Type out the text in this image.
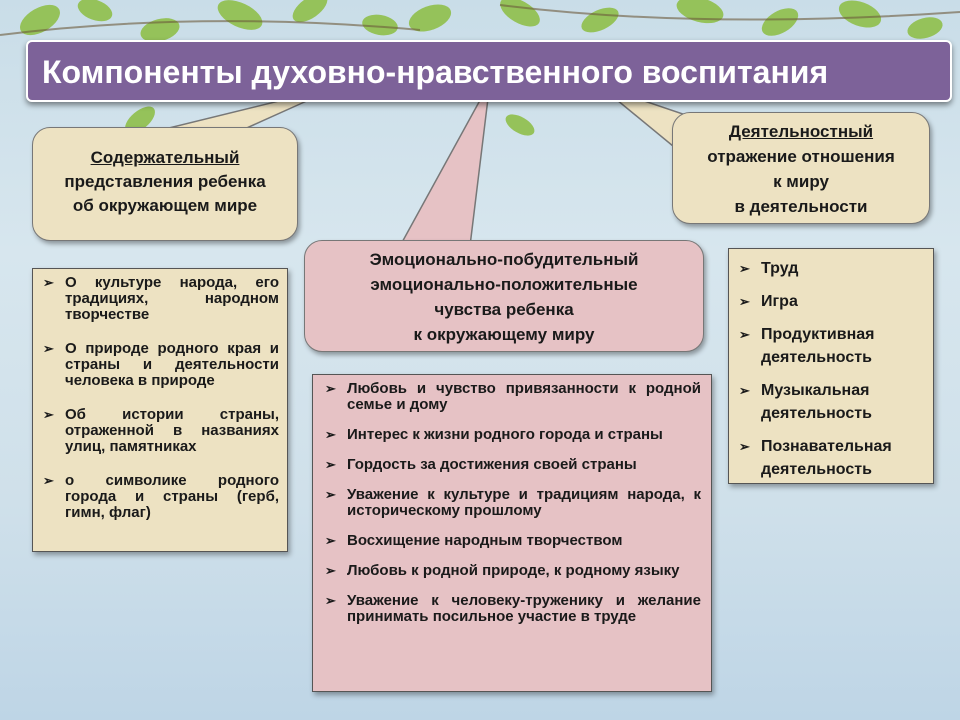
Компоненты духовно-нравственного воспитания
Содержательный
представления ребенка
об окружающем мире
Деятельностный
отражение отношения
к миру
в деятельности
Эмоционально-побудительный
эмоционально-положительные
чувства ребенка
к окружающему миру
➢ О культуре народа, его традициях, народном творчестве
➢ О природе родного края и страны и деятельности человека в природе
➢ Об истории страны, отраженной в названиях улиц, памятниках
➢ о символике родного города и страны (герб, гимн, флаг)
➢ Любовь и чувство привязанности к родной семье и дому
➢ Интерес к жизни родного города и страны
➢ Гордость за достижения своей страны
➢ Уважение к культуре и традициям народа, к историческому прошлому
➢ Восхищение народным творчеством
➢ Любовь к родной природе, к родному языку
➢ Уважение к человеку-труженику и желание принимать посильное участие в труде
➢ Труд
➢ Игра
➢ Продуктивная деятельность
➢ Музыкальная деятельность
➢ Познавательная деятельность
